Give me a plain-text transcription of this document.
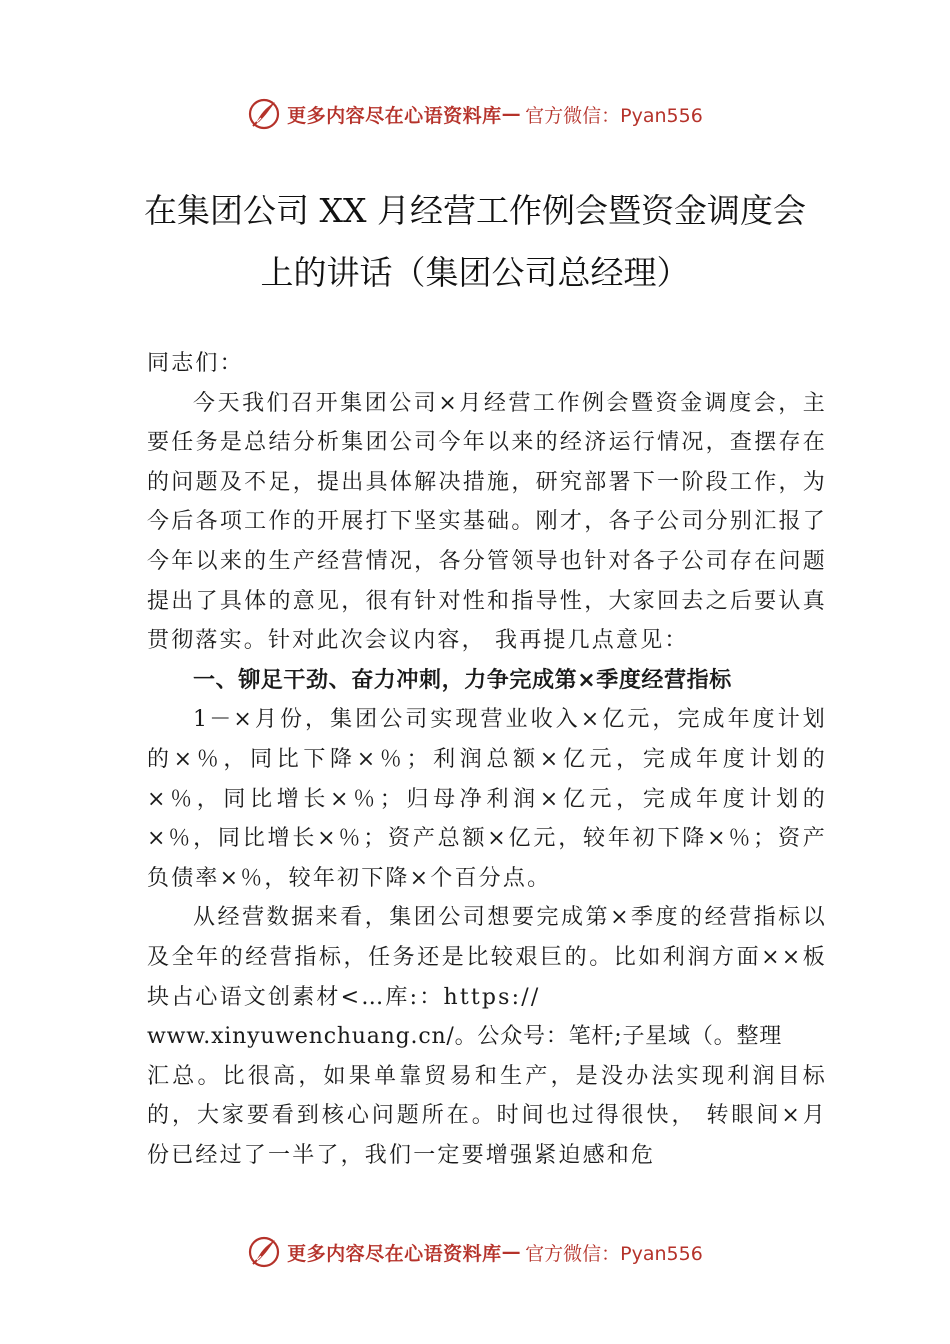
更多内容尽在心语资料库 — 官方微信：Pyan556
在集团公司 XX 月经营工作例会暨资金调度会上的讲话（集团公司总经理）

同志们：

今天我们召开集团公司×月经营工作例会暨资金调度会，主要任务是总结分析集团公司今年以来的经济运行情况，查摆存在的问题及不足，提出具体解决措施，研究部署下一阶段工作，为今后各项工作的开展打下坚实基础。刚才，各子公司分别汇报了今年以来的生产经营情况，各分管领导也针对各子公司存在问题提出了具体的意见，很有针对性和指导性，大家回去之后要认真贯彻落实。针对此次会议内容， 我再提几点意见：

一、铆足干劲、奋力冲刺，力争完成第×季度经营指标

1－×月份，集团公司实现营业收入×亿元，完成年度计划的×％，同比下降×％；利润总额×亿元，完成年度计划的×％，同比增长×％；归母净利润×亿元，完成年度计划的×％，同比增长×％；资产总额×亿元，较年初下降×％；资产负债率×％，较年初下降×个百分点。

从经营数据来看，集团公司想要完成第×季度的经营指标以及全年的经营指标，任务还是比较艰巨的。比如利润方面××板块占心语文创素材<…库:：https://

www.xinyuwenchuang.cn/。公众号：笔杆;子星域（。整理

汇总。比很高，如果单靠贸易和生产，是没办法实现利润目标的，大家要看到核心问题所在。时间也过得很快， 转眼间×月份已经过了一半了，我们一定要增强紧迫感和危

更多内容尽在心语资料库 — 官方微信：Pyan556
